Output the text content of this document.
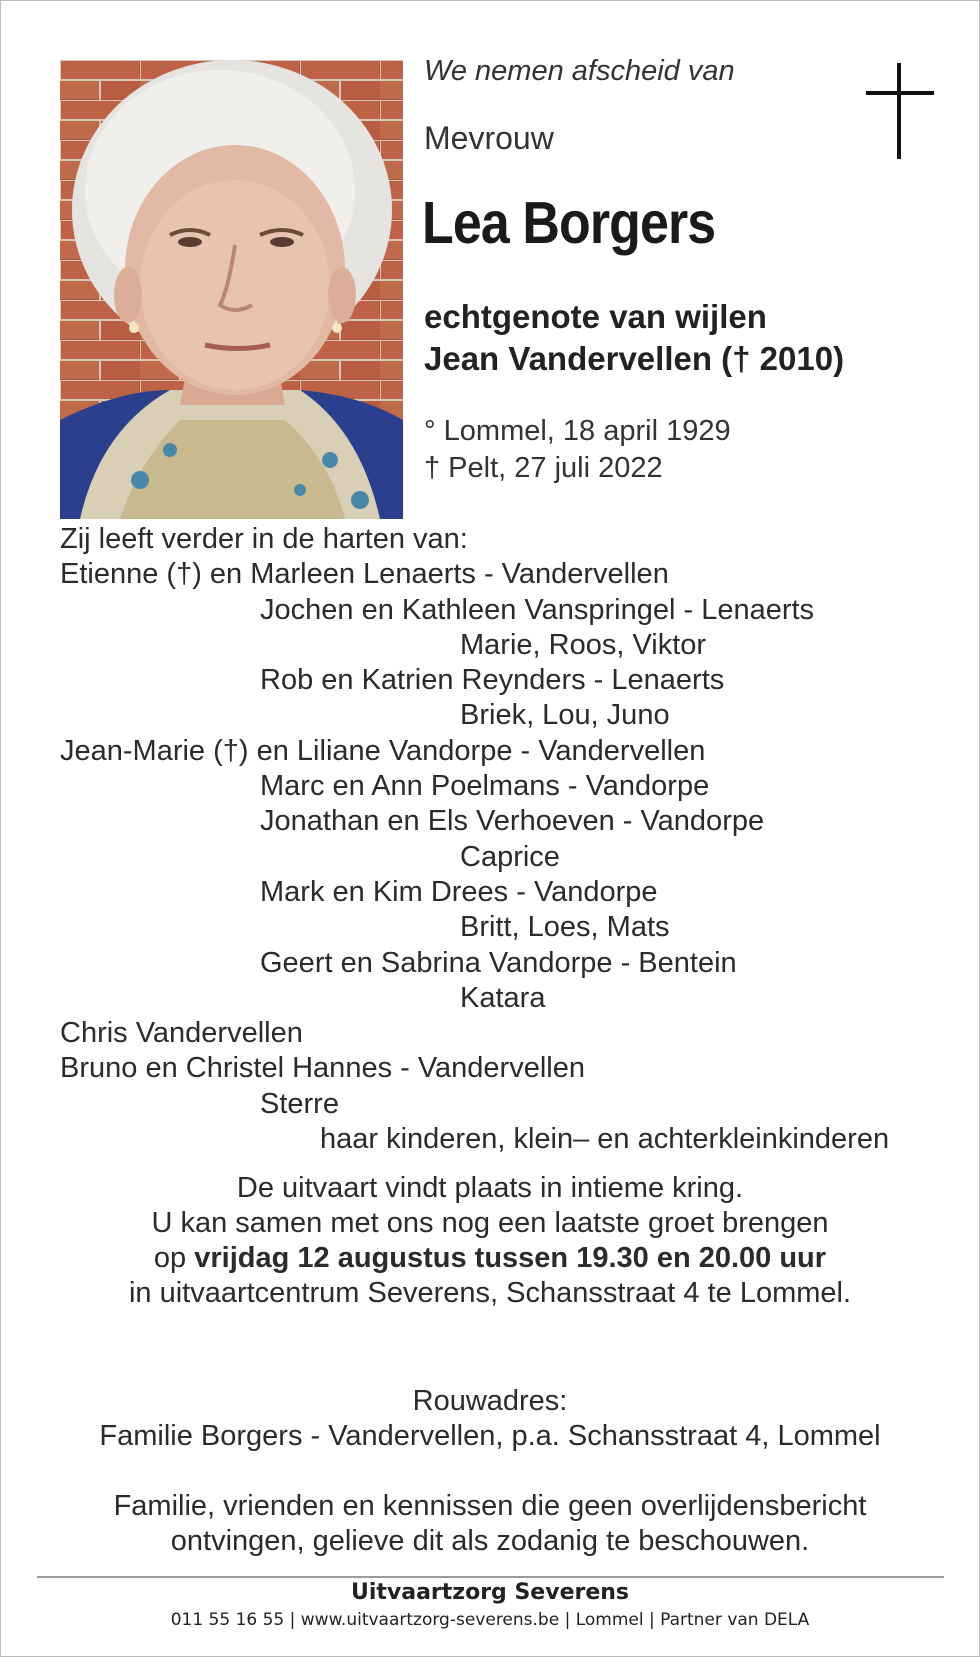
We nemen afscheid van
Mevrouw
Lea Borgers
echtgenote van wijlen
Jean Vandervellen († 2010)
° Lommel, 18 april 1929
† Pelt, 27 juli 2022
Zij leeft verder in de harten van:
Etienne (†) en Marleen Lenaerts - Vandervellen
Jochen en Kathleen Vanspringel - Lenaerts
Marie, Roos, Viktor
Rob en Katrien Reynders - Lenaerts
Briek, Lou, Juno
Jean-Marie (†) en Liliane Vandorpe - Vandervellen
Marc en Ann Poelmans - Vandorpe
Jonathan en Els Verhoeven - Vandorpe
Caprice
Mark en Kim Drees - Vandorpe
Britt, Loes, Mats
Geert en Sabrina Vandorpe - Bentein
Katara
Chris Vandervellen
Bruno en Christel Hannes - Vandervellen
Sterre
haar kinderen, klein– en achterkleinkinderen
De uitvaart vindt plaats in intieme kring.
U kan samen met ons nog een laatste groet brengen
op vrijdag 12 augustus tussen 19.30 en 20.00 uur
in uitvaartcentrum Severens, Schansstraat 4 te Lommel.
Rouwadres:
Familie Borgers - Vandervellen, p.a. Schansstraat 4, Lommel
Familie, vrienden en kennissen die geen overlijdensbericht
ontvingen, gelieve dit als zodanig te beschouwen.
Uitvaartzorg Severens
011 55 16 55 | www.uitvaartzorg-severens.be | Lommel | Partner van DELA
